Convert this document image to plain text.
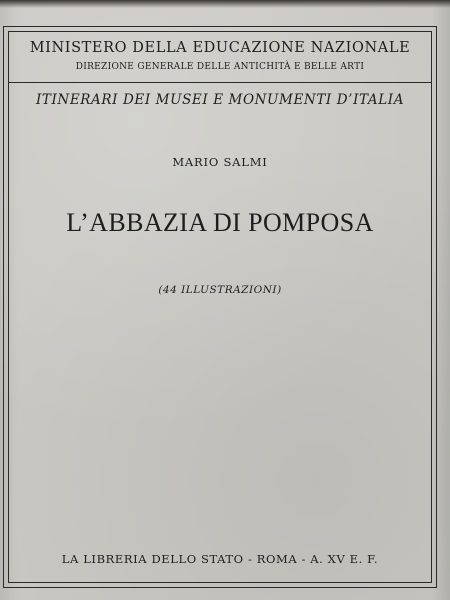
MINISTERO DELLA EDUCAZIONE NAZIONALE
DIREZIONE GENERALE DELLE ANTICHITÀ E BELLE ARTI
ITINERARI DEI MUSEI E MONUMENTI D’ITALIA
MARIO SALMI
L’ABBAZIA DI POMPOSA
(44 ILLUSTRAZIONI)
LA LIBRERIA DELLO STATO - ROMA - A. XV E. F.
